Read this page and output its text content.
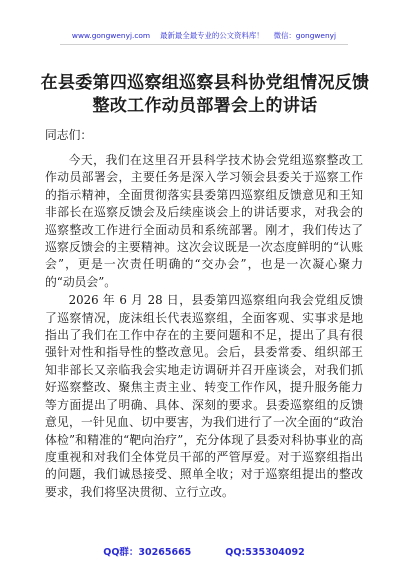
www.gongwenyj.com 最新最全最专业的公文资料库！ 微信：gongwenyj
在县委第四巡察组巡察县科协党组情况反馈整改工作动员部署会上的讲话
同志们：

今天，我们在这里召开县科学技术协会党组巡察整改工作动员部署会，主要任务是深入学习领会县委关于巡察工作的指示精神，全面贯彻落实县委第四巡察组反馈意见和王知非部长在巡察反馈会及后续座谈会上的讲话要求，对我会的巡察整改工作进行全面动员和系统部署。刚才，我们传达了巡察反馈会的主要精神。这次会议既是一次态度鲜明的“认账会”，更是一次责任明确的“交办会”，也是一次凝心聚力的“动员会”。

2026 年 6 月 28 日，县委第四巡察组向我会党组反馈了巡察情况，庞沫组长代表巡察组，全面客观、实事求是地指出了我们在工作中存在的主要问题和不足，提出了具有很强针对性和指导性的整改意见。会后，县委常委、组织部王知非部长又亲临我会实地走访调研并召开座谈会，对我们抓好巡察整改、聚焦主责主业、转变工作作风，提升服务能力等方面提出了明确、具体、深刻的要求。县委巡察组的反馈意见，一针见血、切中要害，为我们进行了一次全面的“政治体检”和精准的“靶向治疗”，充分体现了县委对科协事业的高度重视和对我们全体党员干部的严管厚爱。对于巡察组指出的问题，我们诚恳接受、照单全收；对于巡察组提出的整改要求，我们将坚决贯彻、立行立改。

QQ群：30265665	QQ:535304092
